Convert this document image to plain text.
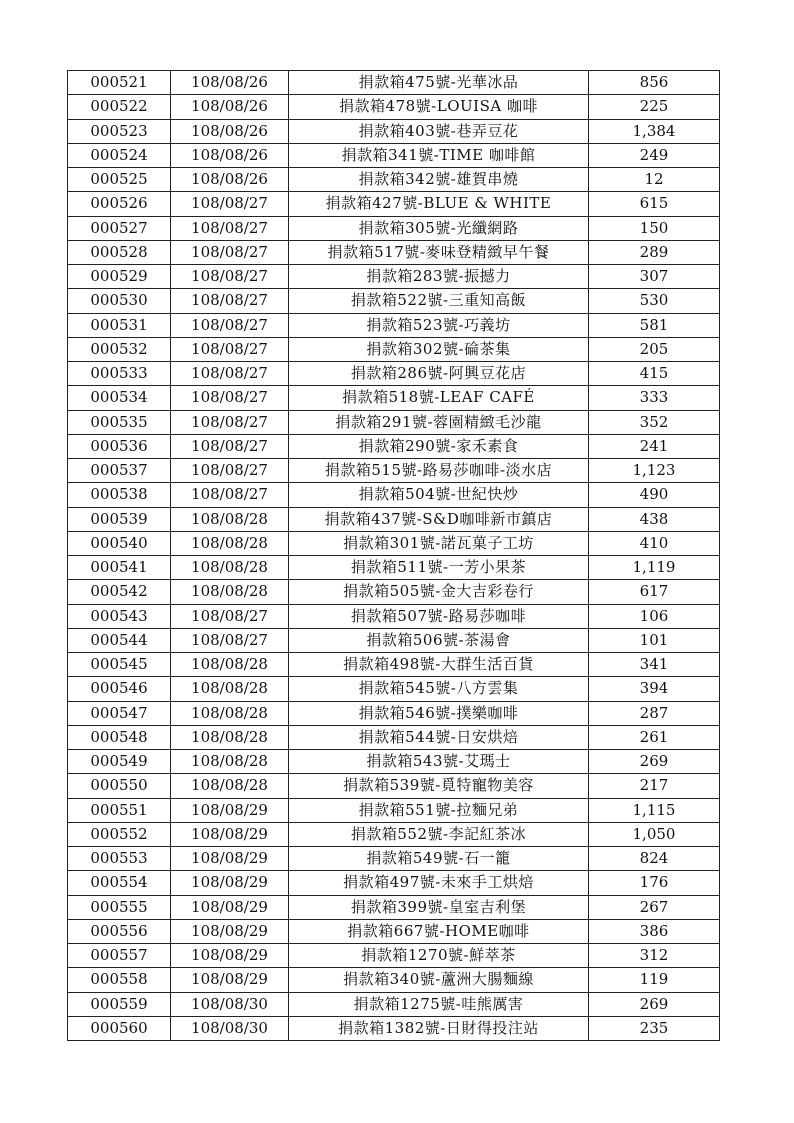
000521	108/08/26	捐款箱475號-光華冰品	856
000522	108/08/26	捐款箱478號-LOUISA 咖啡	225
000523	108/08/26	捐款箱403號-巷弄豆花	1,384
000524	108/08/26	捐款箱341號-TIME 咖啡館	249
000525	108/08/26	捐款箱342號-雄賀串燒	12
000526	108/08/27	捐款箱427號-BLUE & WHITE	615
000527	108/08/27	捐款箱305號-光纖網路	150
000528	108/08/27	捐款箱517號-麥味登精緻早午餐	289
000529	108/08/27	捐款箱283號-振撼力	307
000530	108/08/27	捐款箱522號-三重知高飯	530
000531	108/08/27	捐款箱523號-巧義坊	581
000532	108/08/27	捐款箱302號-碖茶集	205
000533	108/08/27	捐款箱286號-阿興豆花店	415
000534	108/08/27	捐款箱518號-LEAF CAFÉ	333
000535	108/08/27	捐款箱291號-蓉園精緻毛沙龍	352
000536	108/08/27	捐款箱290號-家禾素食	241
000537	108/08/27	捐款箱515號-路易莎咖啡-淡水店	1,123
000538	108/08/27	捐款箱504號-世紀快炒	490
000539	108/08/28	捐款箱437號-S&D咖啡新市鎮店	438
000540	108/08/28	捐款箱301號-諾瓦菓子工坊	410
000541	108/08/28	捐款箱511號-一芳小果茶	1,119
000542	108/08/28	捐款箱505號-金大吉彩卷行	617
000543	108/08/27	捐款箱507號-路易莎咖啡	106
000544	108/08/27	捐款箱506號-茶湯會	101
000545	108/08/28	捐款箱498號-大群生活百貨	341
000546	108/08/28	捐款箱545號-八方雲集	394
000547	108/08/28	捐款箱546號-撲樂咖啡	287
000548	108/08/28	捐款箱544號-日安烘焙	261
000549	108/08/28	捐款箱543號-艾瑪士	269
000550	108/08/28	捐款箱539號-覓特寵物美容	217
000551	108/08/29	捐款箱551號-拉麵兄弟	1,115
000552	108/08/29	捐款箱552號-李記紅茶冰	1,050
000553	108/08/29	捐款箱549號-石一籠	824
000554	108/08/29	捐款箱497號-未來手工烘焙	176
000555	108/08/29	捐款箱399號-皇室吉利堡	267
000556	108/08/29	捐款箱667號-HOME咖啡	386
000557	108/08/29	捐款箱1270號-鮮萃茶	312
000558	108/08/29	捐款箱340號-蘆洲大腸麵線	119
000559	108/08/30	捐款箱1275號-哇熊厲害	269
000560	108/08/30	捐款箱1382號-日財得投注站	235
